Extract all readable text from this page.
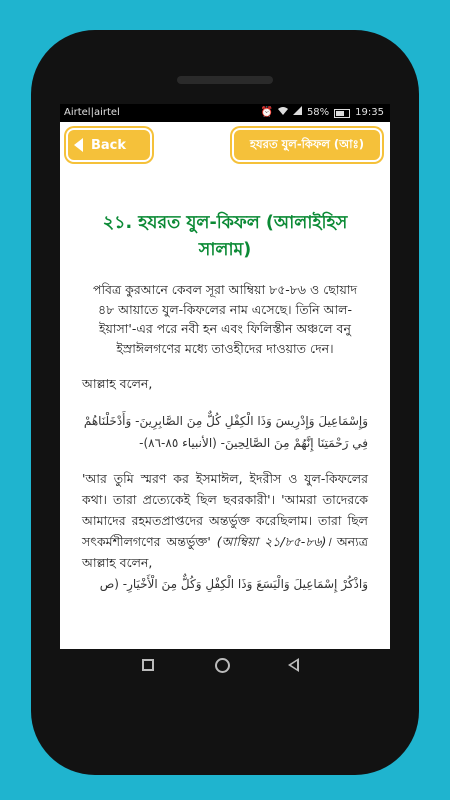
Airtel|airtel	⏰	58%	19:35
Back	হযরত যুল-কিফল (আঃ)
২১. হযরত যুল-কিফল (আলাইহিস সালাম)
পবিত্র কুরআনে কেবল সূরা আম্বিয়া ৮৫-৮৬ ও ছোয়াদ ৪৮ আয়াতে যুল-কিফলের নাম এসেছে। তিনি আল-ইয়াসা'-এর পরে নবী হন এবং ফিলিস্তীন অঞ্চলে বনু ইস্রাঈলগণের মধ্যে তাওহীদের দাওয়াত দেন।
আল্লাহ বলেন,
وَإِسْمَاعِيلَ وَإِدْرِيسَ وَذَا الْكِفْلِ كُلٌّ مِنَ الصَّابِرِينَ- وَأَدْخَلْنَاهُمْ فِي رَحْمَتِنَا إِنَّهُمْ مِنَ الصَّالِحِينَ- (الأنبياء ٨٥-٨٦)-
'আর তুমি স্মরণ কর ইসমাঈল, ইদরীস ও যুল-কিফলের কথা। তারা প্রত্যেকেই ছিল ছবরকারী'। 'আমরা তাদেরকে আমাদের রহমতপ্রাপ্তদের অন্তর্ভুক্ত করেছিলাম। তারা ছিল সৎকর্মশীলগণের অন্তর্ভুক্ত' (আম্বিয়া ২১/৮৫-৮৬)। অন্যত্র আল্লাহ বলেন,
وَاذْكُرْ إِسْمَاعِيلَ وَالْيَسَعَ وَذَا الْكِفْلِ وَكُلٌّ مِنَ الْأَخْيَارِ- (ص
